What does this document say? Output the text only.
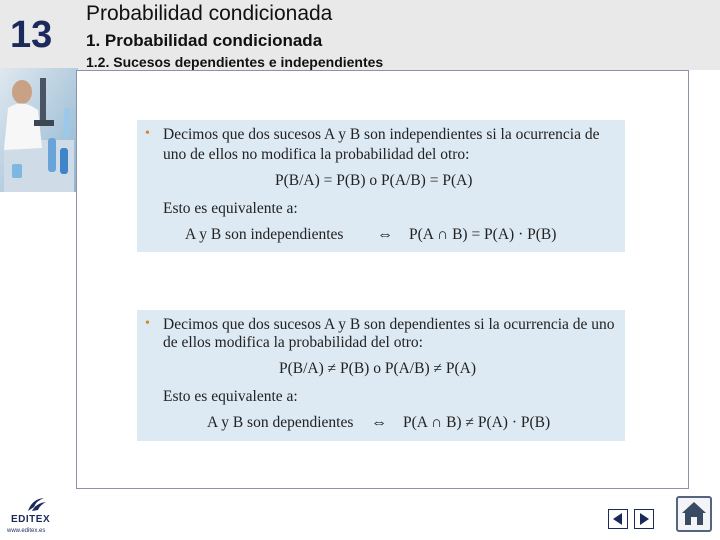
13
Probabilidad condicionada
1. Probabilidad condicionada
1.2. Sucesos dependientes e independientes
• Decimos que dos sucesos A y B son independientes si la ocurrencia de
uno de ellos no modifica la probabilidad del otro:
P(B/A) = P(B) o P(A/B) = P(A)
Esto es equivalente a:
A y B son independientes ⇔ P(A ∩ B) = P(A) · P(B)
• Decimos que dos sucesos A y B son dependientes si la ocurrencia de uno
de ellos modifica la probabilidad del otro:
P(B/A) ≠ P(B) o P(A/B) ≠ P(A)
Esto es equivalente a:
A y B son dependientes ⇔ P(A ∩ B) ≠ P(A) · P(B)
EDITEX
www.editex.es
